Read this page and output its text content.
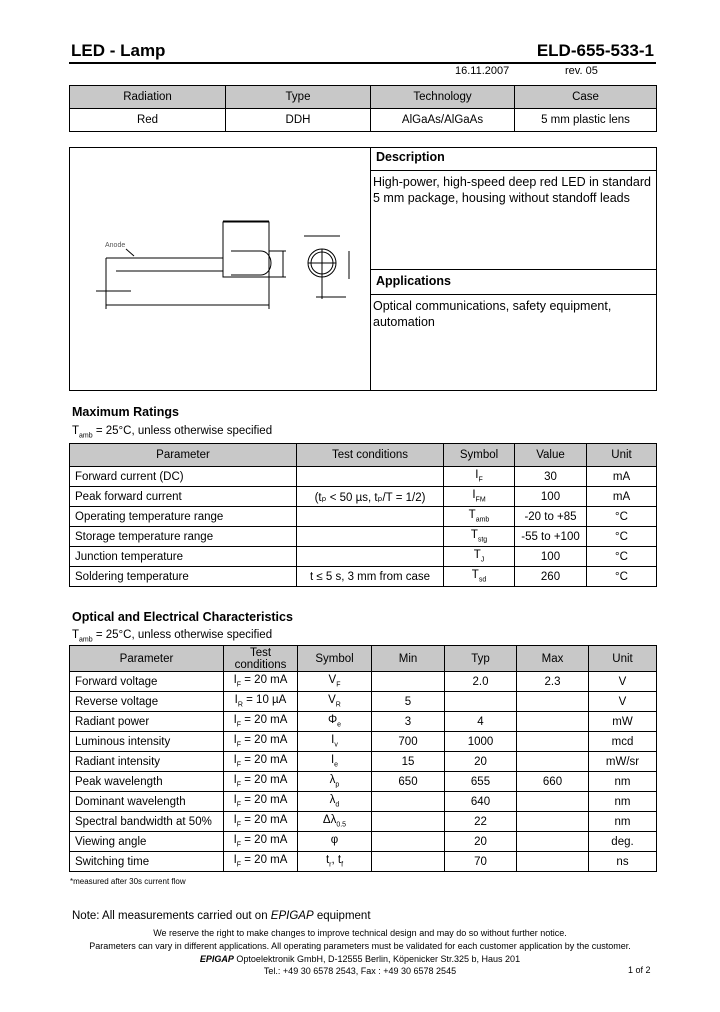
LED - Lamp	ELD-655-533-1
16.11.2007	rev. 05
Radiation	Type	Technology	Case
Red	DDH	AlGaAs/AlGaAs	5 mm plastic lens
Description
High-power, high-speed deep red LED in standard 5 mm package, housing without standoff leads
Applications
Optical communications, safety equipment, automation
Anode
Maximum Ratings
$T_{amb} = 25^\circ C$, unless otherwise specified
Parameter	Test conditions	Symbol	Value	Unit
Forward current (DC)		$I_F$	30	mA
Peak forward current	(tₚ < 50 µs, tₚ/T = 1/2)	$I_{FM}$	100	mA
Operating temperature range		$T_{amb}$	-20 to +85	°C
Storage temperature range		$T_{stg}$	-55 to +100	°C
Junction temperature		$T_J$	100	°C
Soldering temperature	t ≤ 5 s, 3 mm from case	$T_{sd}$	260	°C
Optical and Electrical Characteristics
$T_{amb} = 25^\circ C$, unless otherwise specified
Parameter	Test conditions	Symbol	Min	Typ	Max	Unit
Forward voltage	$I_F = 20$ mA	$V_F$		2.0	2.3	V
Reverse voltage	$I_R = 10$ µA	$V_R$	5			V
Radiant power	$I_F = 20$ mA	$\Phi_e$	3	4		mW
Luminous intensity	$I_F = 20$ mA	$I_v$	700	1000		mcd
Radiant intensity	$I_F = 20$ mA	$I_e$	15	20		mW/sr
Peak wavelength	$I_F = 20$ mA	$\lambda_p$	650	655	660	nm
Dominant wavelength	$I_F = 20$ mA	$\lambda_d$		640		nm
Spectral bandwidth at 50%	$I_F = 20$ mA	$\Delta\lambda_{0.5}$		22		nm
Viewing angle	$I_F = 20$ mA	φ		20		deg.
Switching time	$I_F = 20$ mA	$t_r$, $t_f$		70		ns
*measured after 30s current flow
Note: All measurements carried out on EPIGAP equipment
We reserve the right to make changes to improve technical design and may do so without further notice.
Parameters can vary in different applications. All operating parameters must be validated for each customer application by the customer.
EPIGAP Optoelektronik GmbH, D-12555 Berlin, Köpenicker Str.325 b, Haus 201
Tel.: +49 30 6578 2543, Fax : +49 30 6578 2545	1 of 2
